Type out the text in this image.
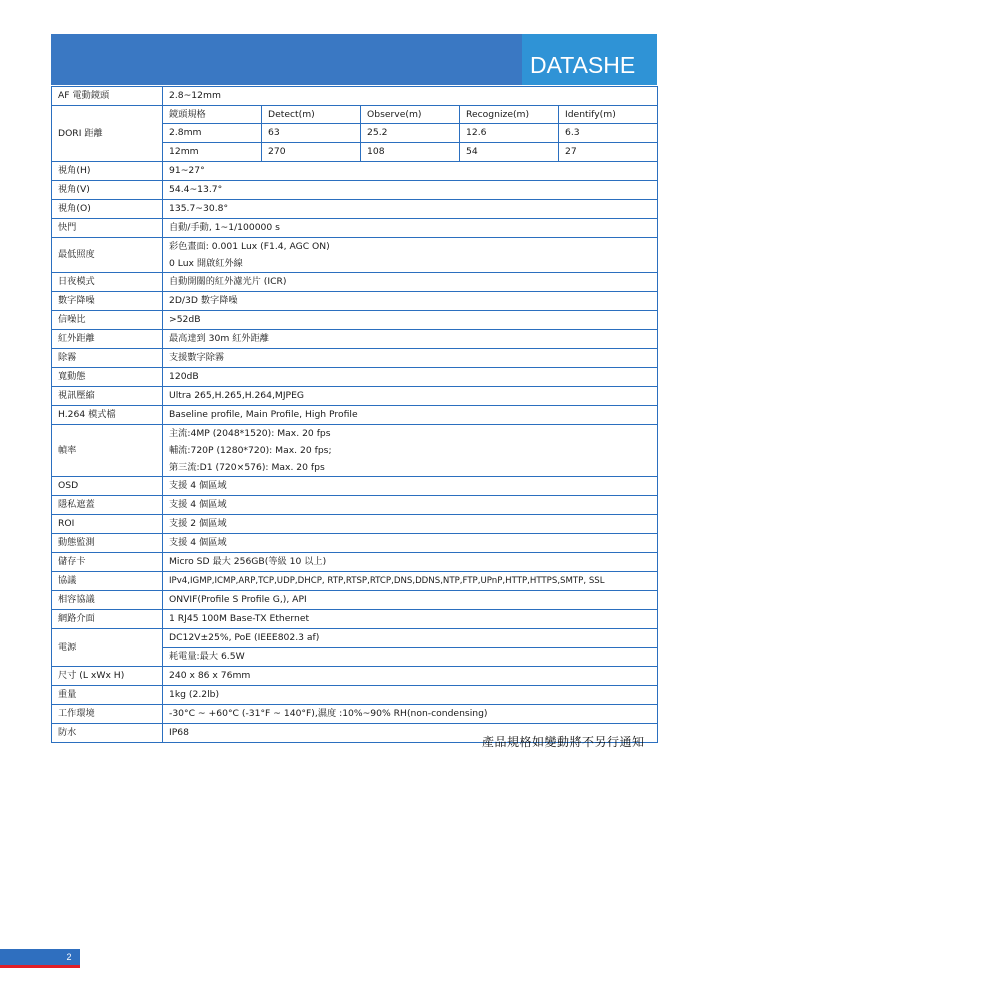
DATASHE
AF 電動鏡頭	2.8~12mm				
DORI 距離	鏡頭規格	Detect(m)	Observe(m)	Recognize(m)	Identify(m)
	2.8mm	63	25.2	12.6	6.3
	12mm	270	108	54	27
視角(H)	91~27°				
視角(V)	54.4~13.7°				
視角(O)	135.7~30.8°				
快門	自動/手動, 1~1/100000 s				
最低照度	彩色畫面: 0.001 Lux (F1.4, AGC ON)				
	0 Lux 開啟紅外線				
日夜模式	自動開關的紅外濾光片 (ICR)				
數字降噪	2D/3D 數字降噪				
信噪比	>52dB				
紅外距離	最高達到 30m 紅外距離				
除霧	支援數字除霧				
寬動態	120dB				
視訊壓縮	Ultra 265,H.265,H.264,MJPEG				
H.264 模式檔	Baseline profile, Main Profile, High Profile				
幀率	主流:4MP (2048*1520): Max. 20 fps				
	輔流:720P (1280*720): Max. 20 fps;				
	第三流:D1 (720×576): Max. 20 fps				
OSD	支援 4 個區域				
隱私遮蓋	支援 4 個區域				
ROI	支援 2 個區域				
動態監測	支援 4 個區域				
儲存卡	Micro SD 最大 256GB(等級 10 以上)				
協議	IPv4,IGMP,ICMP,ARP,TCP,UDP,DHCP, RTP,RTSP,RTCP,DNS,DDNS,NTP,FTP,UPnP,HTTP,HTTPS,SMTP, SSL				
相容協議	ONVIF(Profile S Profile G,), API				
網路介面	1 RJ45 100M Base-TX Ethernet				
電源	DC12V±25%, PoE (IEEE802.3 af)				
	耗電量:最大 6.5W				
尺寸 (L xWx H)	240 x 86 x 76mm				
重量	1kg (2.2lb)				
工作環境	-30°C ~ +60°C (-31°F ~ 140°F),濕度 :10%~90% RH(non-condensing)				
防水	IP68				
產品規格如變動將不另行通知
2
